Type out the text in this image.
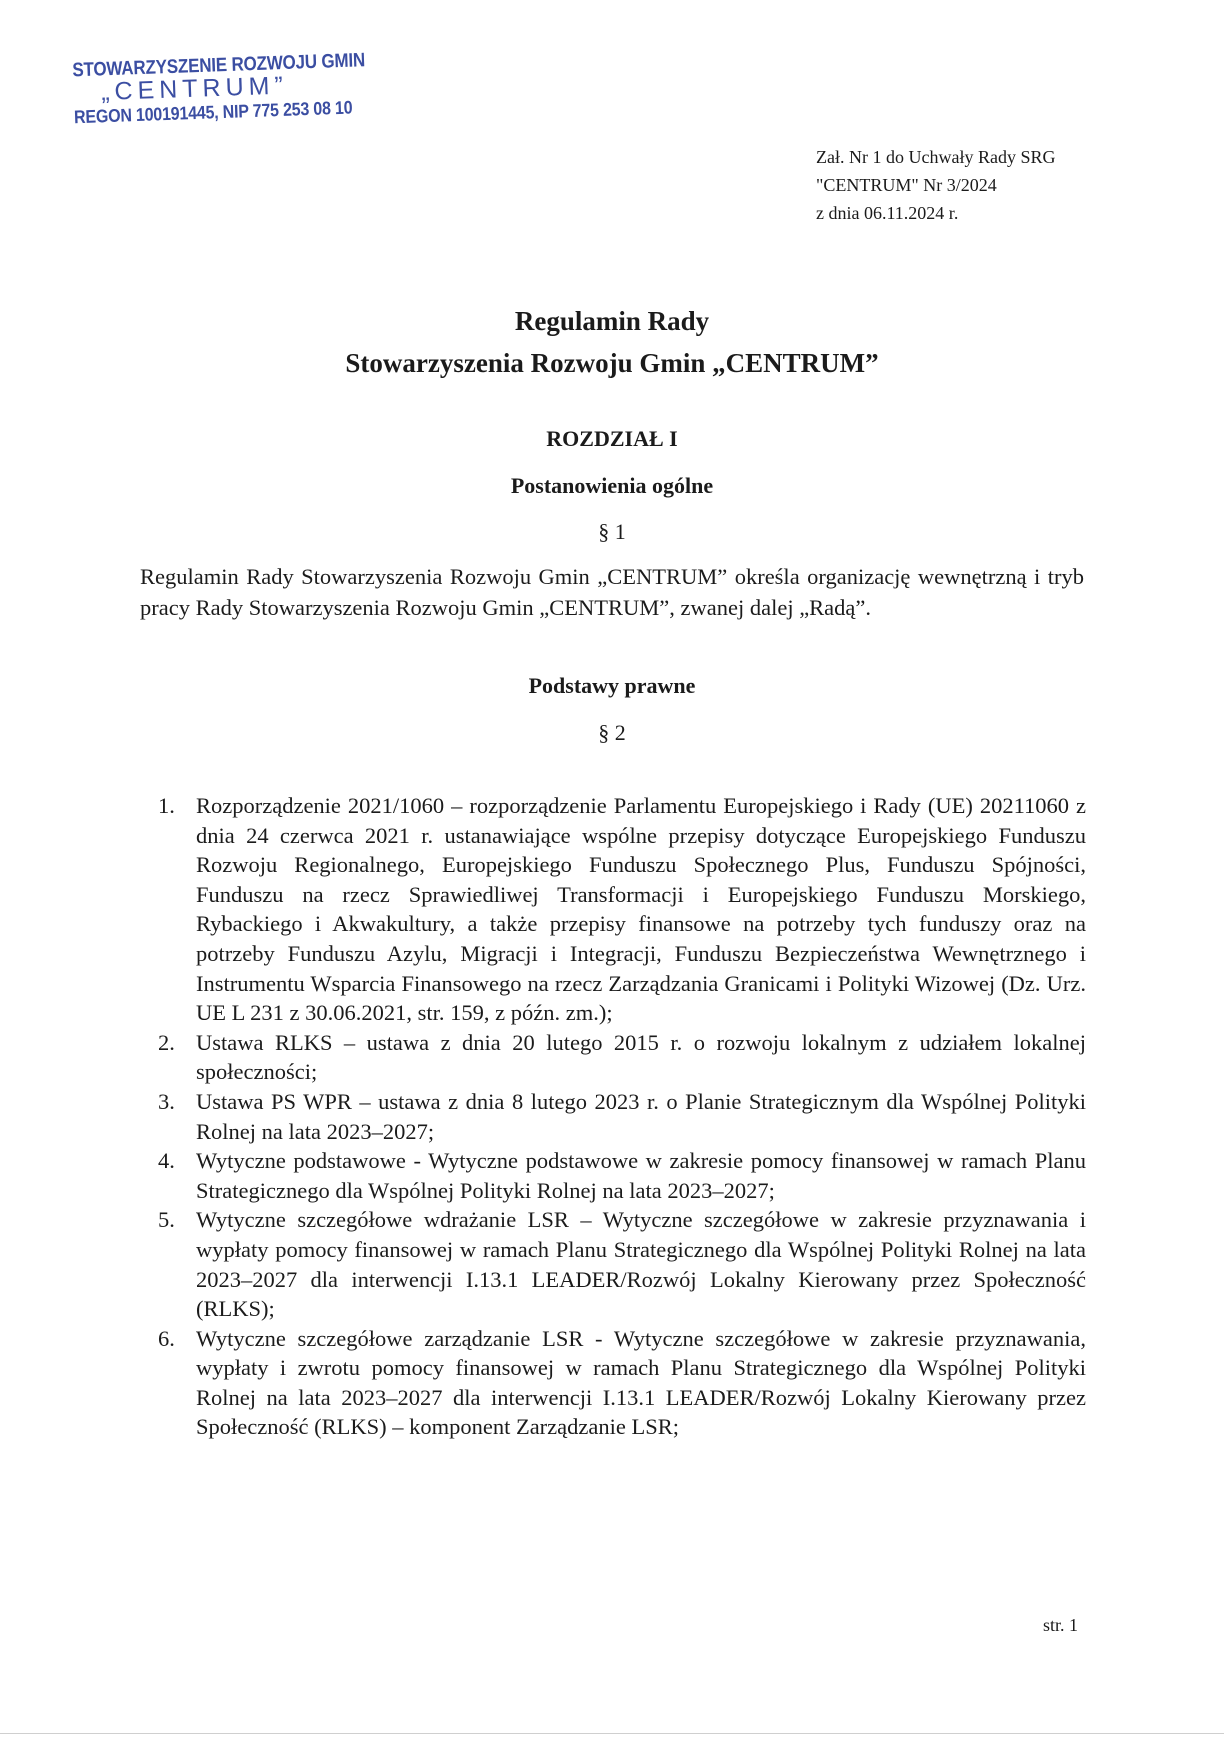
STOWARZYSZENIE ROZWOJU GMIN
„CENTRUM”
REGON 100191445, NIP 775 253 08 10
Zał. Nr 1 do Uchwały Rady SRG
"CENTRUM" Nr 3/2024
z dnia 06.11.2024 r.
Regulamin Rady
Stowarzyszenia Rozwoju Gmin „CENTRUM”
ROZDZIAŁ I
Postanowienia ogólne
§ 1

Regulamin Rady Stowarzyszenia Rozwoju Gmin „CENTRUM” określa organizację wewnętrzną i tryb pracy Rady Stowarzyszenia Rozwoju Gmin „CENTRUM”, zwanej dalej „Radą”.

Podstawy prawne
§ 2
1. Rozporządzenie 2021/1060 – rozporządzenie Parlamentu Europejskiego i Rady (UE) 20211060 z dnia 24 czerwca 2021 r. ustanawiające wspólne przepisy dotyczące Europejskiego Funduszu Rozwoju Regionalnego, Europejskiego Funduszu Społecznego Plus, Funduszu Spójności, Funduszu na rzecz Sprawiedliwej Transformacji i Europejskiego Funduszu Morskiego, Rybackiego i Akwakultury, a także przepisy finansowe na potrzeby tych funduszy oraz na potrzeby Funduszu Azylu, Migracji i Integracji, Funduszu Bezpieczeństwa Wewnętrznego i Instrumentu Wsparcia Finansowego na rzecz Zarządzania Granicami i Polityki Wizowej (Dz. Urz. UE L 231 z 30.06.2021, str. 159, z późn. zm.);
2. Ustawa RLKS – ustawa z dnia 20 lutego 2015 r. o rozwoju lokalnym z udziałem lokalnej społeczności;
3. Ustawa PS WPR – ustawa z dnia 8 lutego 2023 r. o Planie Strategicznym dla Wspólnej Polityki Rolnej na lata 2023–2027;
4. Wytyczne podstawowe - Wytyczne podstawowe w zakresie pomocy finansowej w ramach Planu Strategicznego dla Wspólnej Polityki Rolnej na lata 2023–2027;
5. Wytyczne szczegółowe wdrażanie LSR – Wytyczne szczegółowe w zakresie przyznawania i wypłaty pomocy finansowej w ramach Planu Strategicznego dla Wspólnej Polityki Rolnej na lata 2023–2027 dla interwencji I.13.1 LEADER/Rozwój Lokalny Kierowany przez Społeczność (RLKS);
6. Wytyczne szczegółowe zarządzanie LSR - Wytyczne szczegółowe w zakresie przyznawania, wypłaty i zwrotu pomocy finansowej w ramach Planu Strategicznego dla Wspólnej Polityki Rolnej na lata 2023–2027 dla interwencji I.13.1 LEADER/Rozwój Lokalny Kierowany przez Społeczność (RLKS) – komponent Zarządzanie LSR;
str. 1
